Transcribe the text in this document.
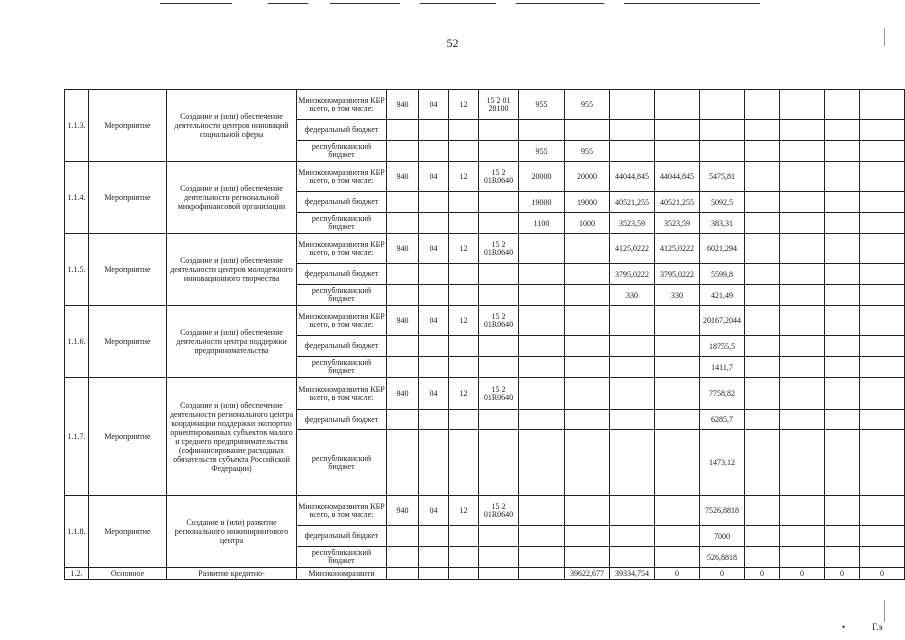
52
1.1.3.	Мероприятие	Создание и (или) обеспечение деятельности центров инноваций социальной сферы	Минэкономразвития КБР всего, в том числе:	940	04	12	15 2 01 28100	955	955							
			федеральный бюджет													
			республиканский бюджет					955	955							
1.1.4.	Мероприятие	Создание и (или) обеспечение деятельности региональной микрофинансовой организации	Минэкономразвития КБР всего, в том числе:	940	04	12	15 2 01R0640	20000	20000	44044,845	44044,845	5475,81				
			федеральный бюджет					19000	19000	40521,255	40521,255	5092,5				
			республиканский бюджет					1100	1000	3523,59	3523,59	383,31				
1.1.5.	Мероприятие	Создание и (или) обеспечение деятельности центров молодежного инновационного творчества	Минэкономразвития КБР всего, в том числе:	940	04	12	15 2 01R0640			4125,0222	4125,0222	6021,294				
			федеральный бюджет							3795,0222	3795,0222	5599,8				
			республиканский бюджет							330	330	421,49				
1.1.6.	Мероприятие	Создание и (или) обеспечение деятельности центра поддержки предпринимательства	Минэкономразвития КБР всего, в том числе:	940	04	12	15 2 01R0640					20167,2044				
			федеральный бюджет									18755,5				
			республиканский бюджет									1411,7				
1.1.7.	Мероприятие	Создание и (или) обеспечение деятельности регионального центра координации поддержки экспортно ориентированных субъектов малого и среднего предпринимательства (софинансирование расходных обязательств субъекта Российской Федерации)	Минэкономразвития КБР всего, в том числе:	940	04	12	15 2 01R0640					7758,82				
			федеральный бюджет									6285,7				
			республиканский бюджет									1473,12				
1.1.8.	Мероприятие	Создание и (или) развитие регионального инжинирингового центра	Минэкономразвития КБР всего, в том числе:	940	04	12	15 2 01R0640					7526,8818				
			федеральный бюджет									7000				
			республиканский бюджет									526,8818				
1.2.	Основное	Развитие кредитно-	Минэкономразвити						39622,677	39334,754	0	0	0	0	0	0
•	Г.э
